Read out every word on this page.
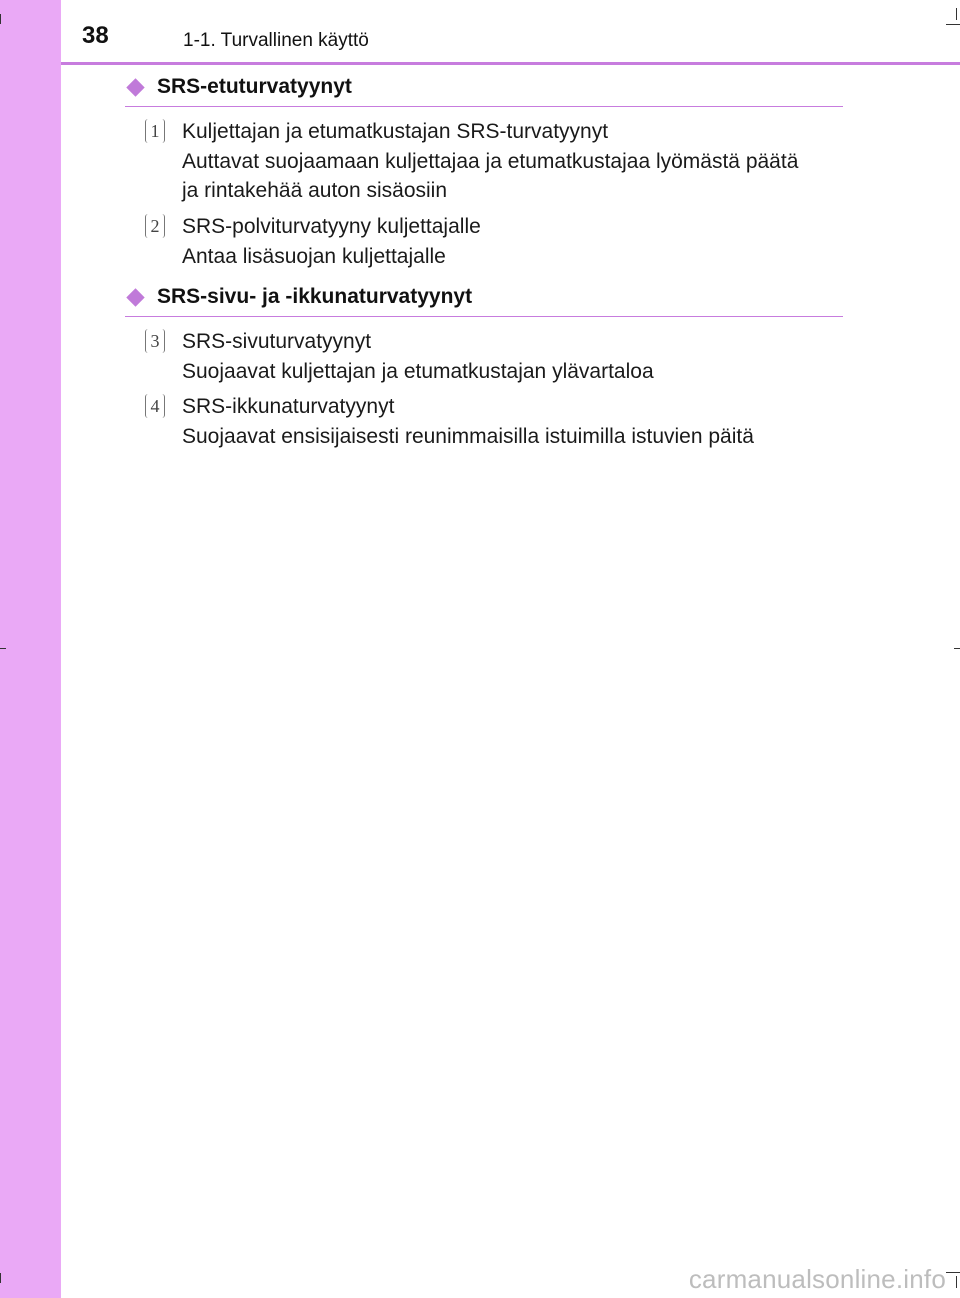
38	1-1. Turvallinen käyttö
SRS-etuturvatyynyt
1 Kuljettajan ja etumatkustajan SRS-turvatyynyt
Auttavat suojaamaan kuljettajaa ja etumatkustajaa lyömästä päätä
ja rintakehää auton sisäosiin
2 SRS-polviturvatyyny kuljettajalle
Antaa lisäsuojan kuljettajalle
SRS-sivu- ja -ikkunaturvatyynyt
3 SRS-sivuturvatyynyt
Suojaavat kuljettajan ja etumatkustajan ylävartaloa
4 SRS-ikkunaturvatyynyt
Suojaavat ensisijaisesti reunimmaisilla istuimilla istuvien päitä
carmanualsonline.info
